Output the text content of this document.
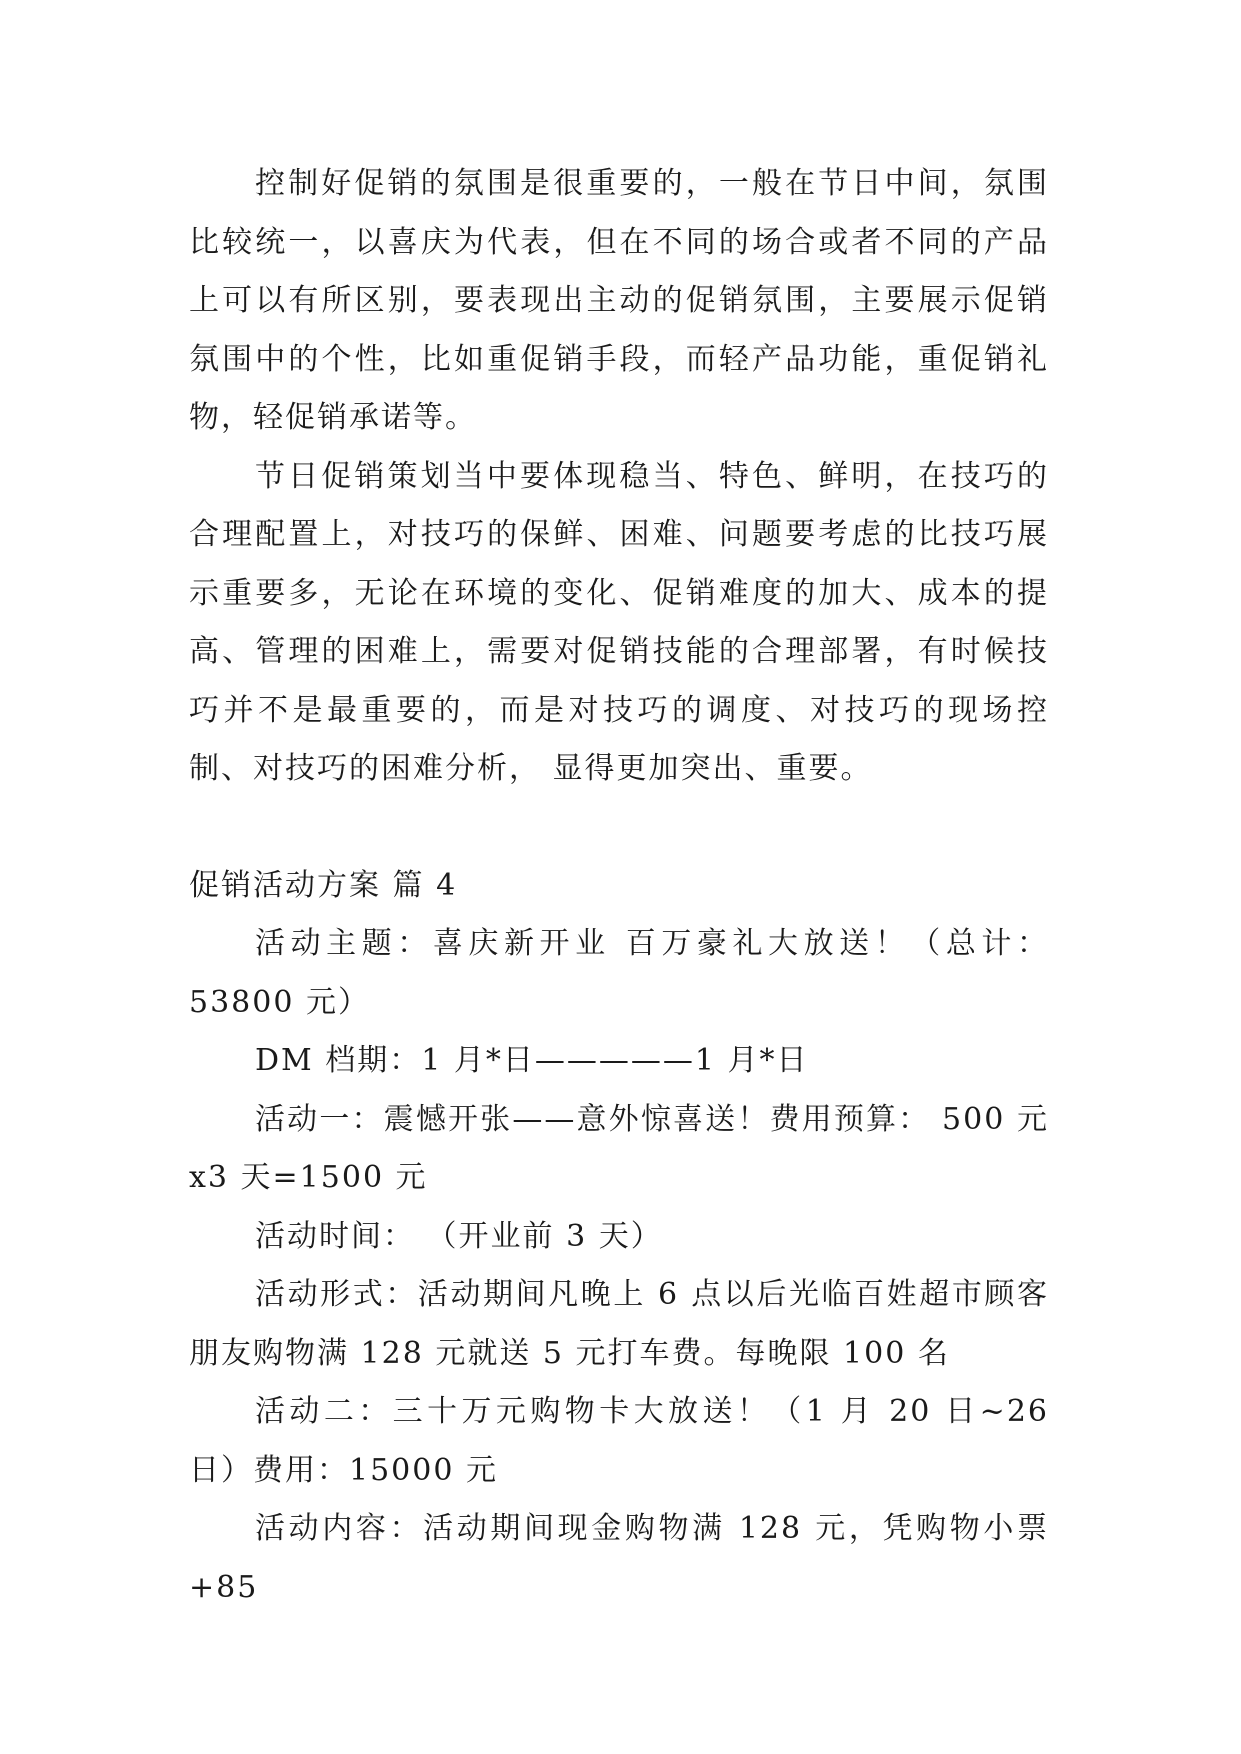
控制好促销的氛围是很重要的，一般在节日中间，氛围比较统一，以喜庆为代表，但在不同的场合或者不同的产品上可以有所区别，要表现出主动的促销氛围，主要展示促销氛围中的个性，比如重促销手段，而轻产品功能，重促销礼物，轻促销承诺等。

节日促销策划当中要体现稳当、特色、鲜明，在技巧的合理配置上，对技巧的保鲜、困难、问题要考虑的比技巧展示重要多，无论在环境的变化、促销难度的加大、成本的提高、管理的困难上，需要对促销技能的合理部署，有时候技巧并不是最重要的，而是对技巧的调度、对技巧的现场控制、对技巧的困难分析， 显得更加突出、重要。

促销活动方案 篇 4

活动主题：喜庆新开业 百万豪礼大放送！（总计：53800 元）

DM 档期：1 月*日—————1 月*日

活动一：震憾开张——意外惊喜送！费用预算： 500 元 x3 天=1500 元

活动时间： （开业前 3 天）

活动形式：活动期间凡晚上 6 点以后光临百姓超市顾客朋友购物满 128 元就送 5 元打车费。每晚限 100 名

活动二：三十万元购物卡大放送！（1 月 20 日~26 日）费用：15000 元

活动内容：活动期间现金购物满 128 元，凭购物小票+85
